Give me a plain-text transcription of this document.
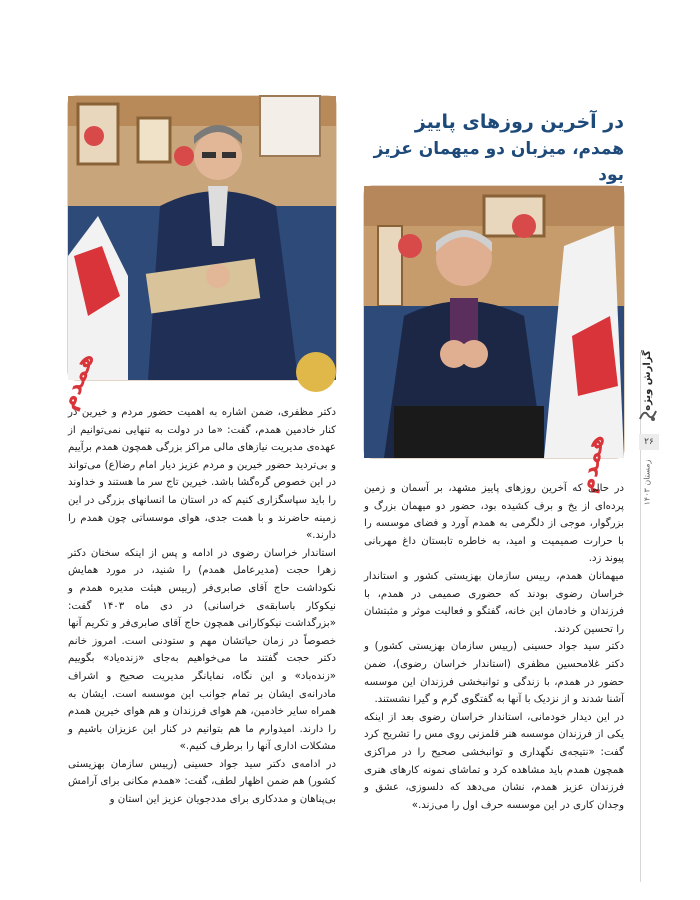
در آخرین روزهای پاییز
همدم، میزبان دو میهمان عزیز بود
همدم
همدم

در حالی که آخرین روزهای پاییز مشهد، بر آسمان و زمین پرده‌ای از یخ و برف کشیده بود، حضور دو میهمان بزرگ و بزرگوار، موجی از دلگرمی به همدم آورد و فضای موسسه را با حرارت صمیمیت و امید، به خاطره تابستان داغ مهربانی پیوند زد.

میهمانان همدم، رییس سازمان بهزیستی کشور و استاندار خراسان رضوی بودند که حضوری صمیمی در همدم، با فرزندان و خادمان این خانه، گفتگو و فعالیت موثر و مثبتشان را تحسین کردند.

دکتر سید جواد حسینی (رییس سازمان بهزیستی کشور) و دکتر غلامحسین مظفری (استاندار خراسان رضوی)، ضمن حضور در همدم، با زندگی و توانبخشی فرزندان این موسسه آشنا شدند و از نزدیک با آنها به گفتگوی گرم و گیرا نشستند.

در این دیدار خودمانی، استاندار خراسان رضوی بعد از اینکه یکی از فرزندان موسسه هنر قلمزنی روی مس را تشریح کرد گفت: «نتیجه‌ی نگهداری و توانبخشی صحیح را در مراکزی همچون همدم باید مشاهده کرد و تماشای نمونه کارهای هنری فرزندان عزیز همدم، نشان می‌دهد که دلسوزی، عشق و وجدان کاری در این موسسه حرف اول را می‌زند.»

دکتر مظفری، ضمن اشاره به اهمیت حضور مردم و خیرین در کنار خادمین همدم، گفت: «ما در دولت به تنهایی نمی‌توانیم از عهده‌ی مدیریت نیازهای مالی مراکز بزرگی همچون همدم برآییم و بی‌تردید حضور خیرین و مردم عزیز دیار امام رضا(ع) می‌تواند در این خصوص گره‌گشا باشد. خیرین تاج سر ما هستند و خداوند را باید سپاسگزاری کنیم که در استان ما انسانهای بزرگی در این زمینه حاضرند و با همت جدی، هوای موسساتی چون همدم را دارند.»

استاندار خراسان رضوی در ادامه و پس از اینکه سخنان دکتر زهرا حجت (مدیرعامل همدم) را شنید، در مورد همایش نکوداشت حاج آقای صابری‌فر (رییس هیئت مدیره همدم و نیکوکار باسابقه‌ی خراسانی) در دی ماه ۱۴۰۳ گفت: «بزرگداشت نیکوکارانی همچون حاج آقای صابری‌فر و تکریم آنها خصوصاً در زمان حیاتشان مهم و ستودنی است. امروز خانم دکتر حجت گفتند ما می‌خواهیم به‌جای «زنده‌یاد» بگوییم «زنده‌باد» و این نگاه، نمایانگر مدیریت صحیح و اشراف مادرانه‌ی ایشان بر تمام جوانب این موسسه است. ایشان به همراه سایر خادمین، هم هوای فرزندان و هم هوای خیرین همدم را دارند. امیدوارم ما هم بتوانیم در کنار این عزیزان باشیم و مشکلات اداری آنها را برطرف کنیم.»

در ادامه‌ی دکتر سید جواد حسینی (رییس سازمان بهزیستی کشور) هم ضمن اظهار لطف، گفت: «همدم مکانی برای آرامش بی‌پناهان و مددکاری برای مددجویان عزیز این استان و

گزارش ویژه
۲۶
زمستان ۱۴۰۳
